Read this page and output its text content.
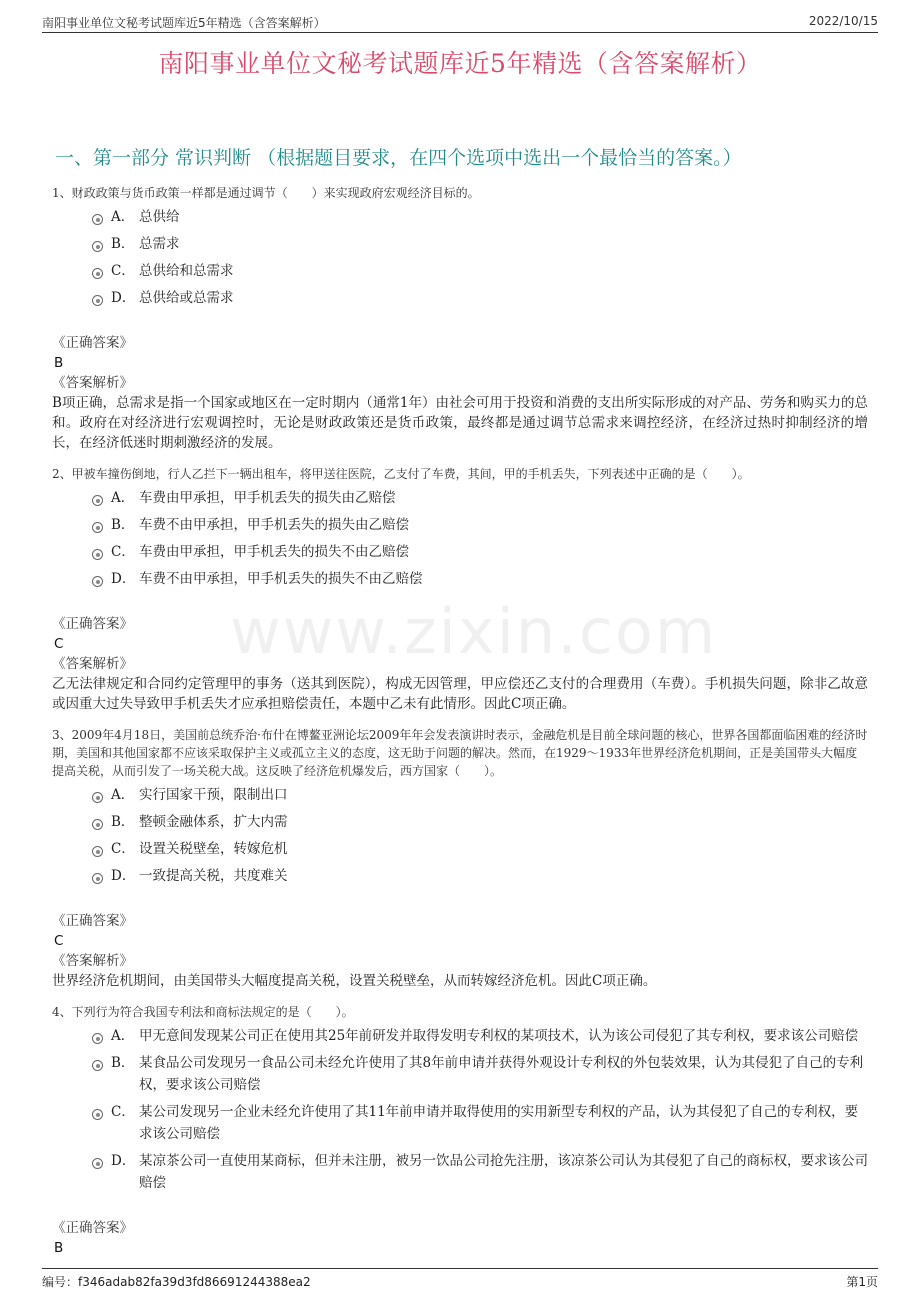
南阳事业单位文秘考试题库近5年精选（含答案解析）	2022/10/15
www.zixin.com
南阳事业单位文秘考试题库近5年精选（含答案解析）
一、第一部分 常识判断 （根据题目要求，在四个选项中选出一个最恰当的答案。）
1、财政政策与货币政策一样都是通过调节（　　）来实现政府宏观经济目标的。
A． 总供给
B． 总需求
C． 总供给和总需求
D． 总供给或总需求
《正确答案》
B
《答案解析》
B项正确，总需求是指一个国家或地区在一定时期内（通常1年）由社会可用于投资和消费的支出所实际形成的对产品、劳务和购买力的总和。政府在对经济进行宏观调控时，无论是财政政策还是货币政策，最终都是通过调节总需求来调控经济，在经济过热时抑制经济的增长，在经济低迷时期刺激经济的发展。
2、甲被车撞伤倒地，行人乙拦下一辆出租车，将甲送往医院，乙支付了车费，其间，甲的手机丢失，下列表述中正确的是（　　）。
A． 车费由甲承担，甲手机丢失的损失由乙赔偿
B． 车费不由甲承担，甲手机丢失的损失由乙赔偿
C． 车费由甲承担，甲手机丢失的损失不由乙赔偿
D． 车费不由甲承担，甲手机丢失的损失不由乙赔偿
《正确答案》
C
《答案解析》
乙无法律规定和合同约定管理甲的事务（送其到医院），构成无因管理，甲应偿还乙支付的合理费用（车费）。手机损失问题，除非乙故意或因重大过失导致甲手机丢失才应承担赔偿责任，本题中乙未有此情形。因此C项正确。
3、2009年4月18日，美国前总统乔治·布什在博鳌亚洲论坛2009年年会发表演讲时表示，金融危机是目前全球问题的核心，世界各国都面临困难的经济时期，美国和其他国家都不应该采取保护主义或孤立主义的态度，这无助于问题的解决。然而，在1929～1933年世界经济危机期间，正是美国带头大幅度提高关税，从而引发了一场关税大战。这反映了经济危机爆发后，西方国家（　　）。
A． 实行国家干预，限制出口
B． 整顿金融体系，扩大内需
C． 设置关税壁垒，转嫁危机
D． 一致提高关税，共度难关
《正确答案》
C
《答案解析》
世界经济危机期间，由美国带头大幅度提高关税，设置关税壁垒，从而转嫁经济危机。因此C项正确。
4、下列行为符合我国专利法和商标法规定的是（　　）。
A． 甲无意间发现某公司正在使用其25年前研发并取得发明专利权的某项技术，认为该公司侵犯了其专利权，要求该公司赔偿
B． 某食品公司发现另一食品公司未经允许使用了其8年前申请并获得外观设计专利权的外包装效果，认为其侵犯了自己的专利权，要求该公司赔偿
C． 某公司发现另一企业未经允许使用了其11年前申请并取得使用的实用新型专利权的产品，认为其侵犯了自己的专利权，要求该公司赔偿
D． 某凉茶公司一直使用某商标，但并未注册，被另一饮品公司抢先注册，该凉茶公司认为其侵犯了自己的商标权，要求该公司赔偿
《正确答案》
B
编号：f346adab82fa39d3fd86691244388ea2	第1页
